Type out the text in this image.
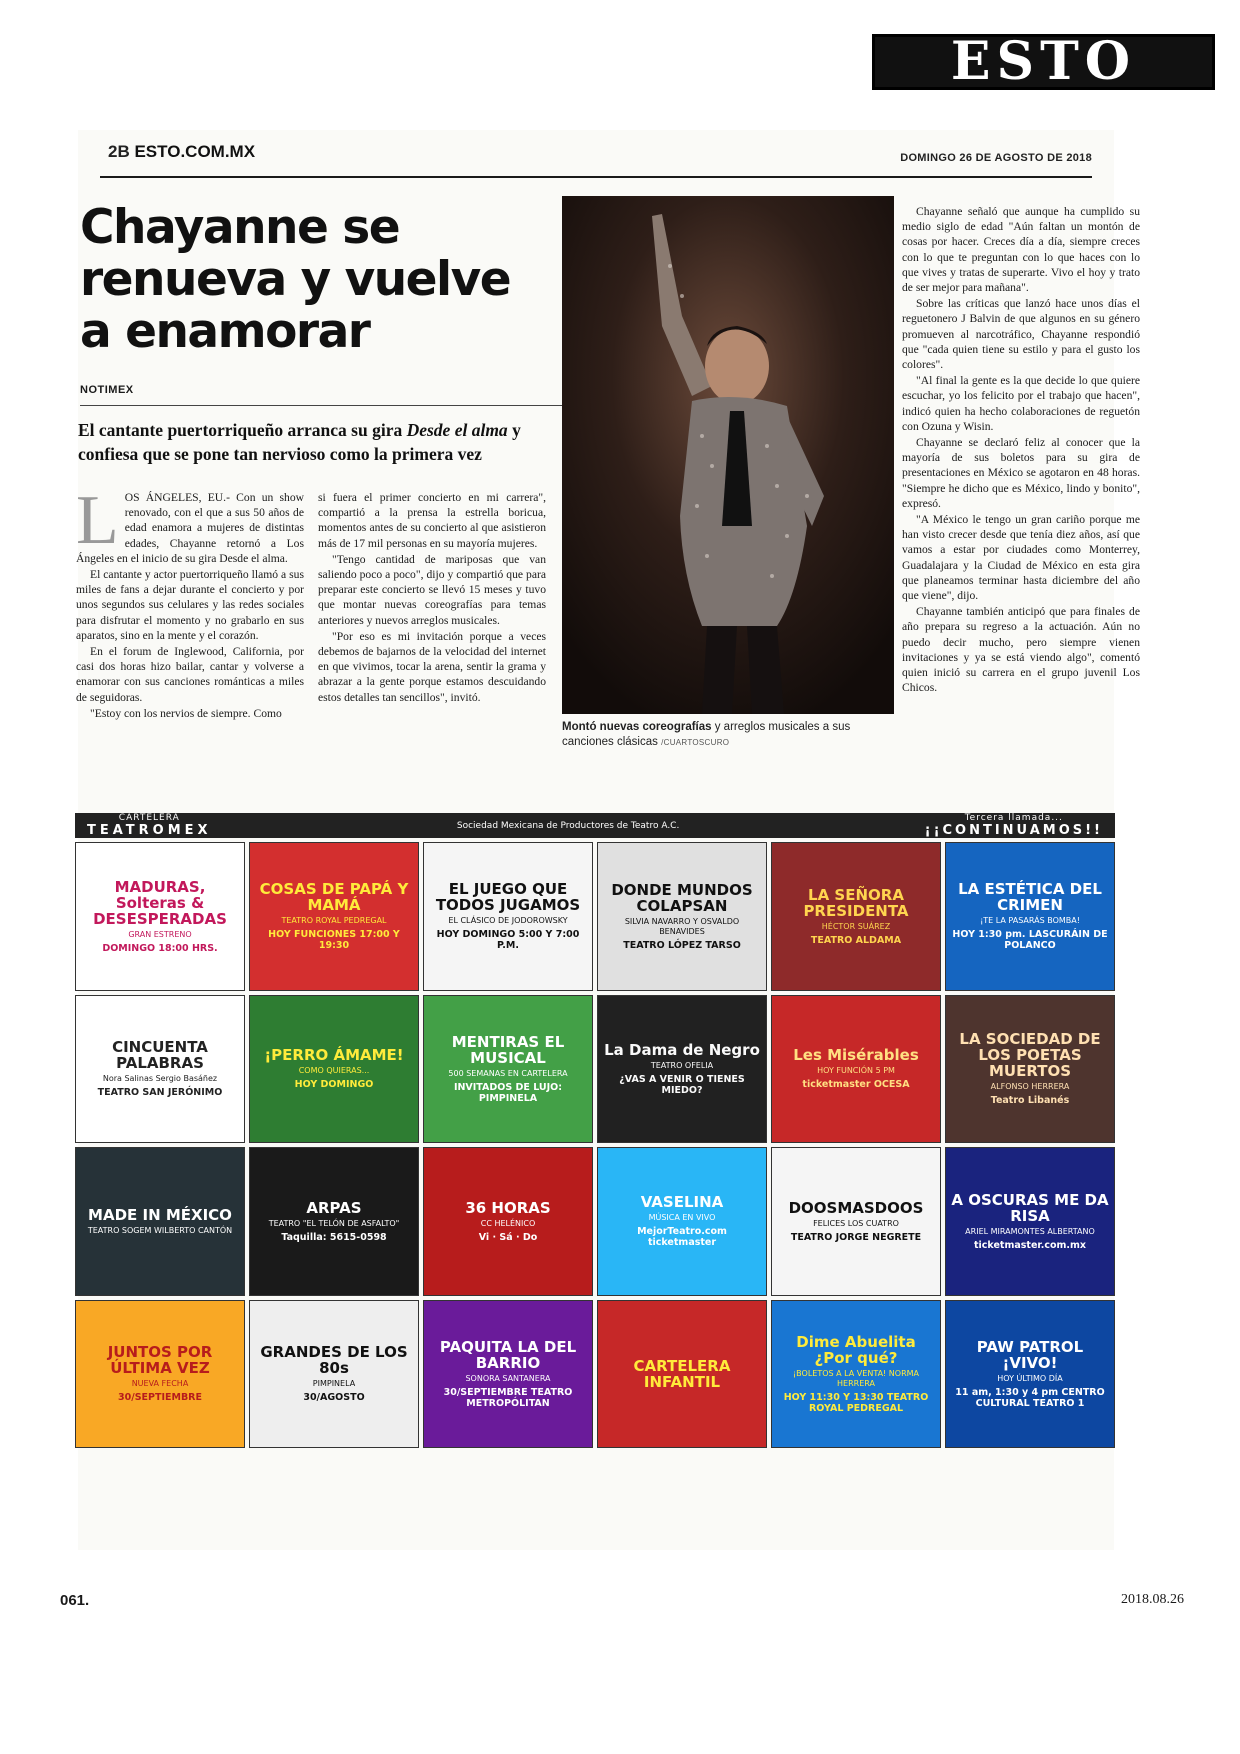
ESTO
2B ESTO.COM.MX	DOMINGO 26 DE AGOSTO DE 2018
Chayanne se renueva y vuelve a enamorar
NOTIMEX
El cantante puertorriqueño arranca su gira Desde el alma y confiesa que se pone tan nervioso como la primera vez
L OS ÁNGELES, EU.- Con un show renovado, con el que a sus 50 años de edad enamora a mujeres de distintas edades, Chayanne retornó a Los Ángeles en el inicio de su gira Desde el alma.

El cantante y actor puertorriqueño llamó a sus miles de fans a dejar durante el concierto y por unos segundos sus celulares y las redes sociales para disfrutar el momento y no grabarlo en sus aparatos, sino en la mente y el corazón.

En el forum de Inglewood, California, por casi dos horas hizo bailar, cantar y volverse a enamorar con sus canciones románticas a miles de seguidoras.

"Estoy con los nervios de siempre. Como

si fuera el primer concierto en mi carrera", compartió a la prensa la estrella boricua, momentos antes de su concierto al que asistieron más de 17 mil personas en su mayoría mujeres.

"Tengo cantidad de mariposas que van saliendo poco a poco", dijo y compartió que para preparar este concierto se llevó 15 meses y tuvo que montar nuevas coreografías para temas anteriores y nuevos arreglos musicales.

"Por eso es mi invitación porque a veces debemos de bajarnos de la velocidad del internet en que vivimos, tocar la arena, sentir la grama y abrazar a la gente porque estamos descuidando estos detalles tan sencillos", invitó.

Montó nuevas coreografías y arreglos musicales a sus canciones clásicas /CUARTOSCURO

Chayanne señaló que aunque ha cumplido su medio siglo de edad "Aún faltan un montón de cosas por hacer. Creces día a día, siempre creces con lo que te preguntan con lo que haces con lo que vives y tratas de superarte. Vivo el hoy y trato de ser mejor para mañana".

Sobre las críticas que lanzó hace unos días el reguetonero J Balvin de que algunos en su género promueven al narcotráfico, Chayanne respondió que "cada quien tiene su estilo y para el gusto los colores".

"Al final la gente es la que decide lo que quiere escuchar, yo los felicito por el trabajo que hacen", indicó quien ha hecho colaboraciones de reguetón con Ozuna y Wisin.

Chayanne se declaró feliz al conocer que la mayoría de sus boletos para su gira de presentaciones en México se agotaron en 48 horas. "Siempre he dicho que es México, lindo y bonito", expresó.

"A México le tengo un gran cariño porque me han visto crecer desde que tenía diez años, así que vamos a estar por ciudades como Monterrey, Guadalajara y la Ciudad de México en esta gira que planeamos terminar hasta diciembre del año que viene", dijo.

Chayanne también anticipó que para finales de año prepara su regreso a la actuación. Aún no puedo decir mucho, pero siempre vienen invitaciones y ya se está viendo algo", comentó quien inició su carrera en el grupo juvenil Los Chicos.

CARTELERA
TEATROMEX	Sociedad Mexicana de Productores de Teatro A.C.
Tercera llamada...
¡¡CONTINUAMOS!!
MADURAS, Solteras & DESESPERADAS
GRAN ESTRENO
DOMINGO 18:00 HRS.
COSAS DE PAPÁ Y MAMÁ
TEATRO ROYAL PEDREGAL
HOY FUNCIONES 17:00 Y 19:30
EL JUEGO QUE TODOS JUGAMOS
EL CLÁSICO DE JODOROWSKY
HOY DOMINGO 5:00 Y 7:00 P.M.
DONDE MUNDOS COLAPSAN
SILVIA NAVARRO Y OSVALDO BENAVIDES
TEATRO LÓPEZ TARSO
LA SEÑORA PRESIDENTA
HÉCTOR SUÁREZ
TEATRO ALDAMA
LA ESTÉTICA DEL CRIMEN
¡TE LA PASARÁS BOMBA!
HOY 1:30 pm. LASCURÁIN DE POLANCO
CINCUENTA PALABRAS
Nora Salinas Sergio Basáñez
TEATRO SAN JERÓNIMO
¡PERRO ÁMAME!
COMO QUIERAS...
HOY DOMINGO
MENTIRAS EL MUSICAL
500 SEMANAS EN CARTELERA
INVITADOS DE LUJO: PIMPINELA
La Dama de Negro
TEATRO OFELIA
¿VAS A VENIR O TIENES MIEDO?
Les Misérables
HOY FUNCIÓN 5 PM
ticketmaster OCESA
LA SOCIEDAD DE LOS POETAS MUERTOS
ALFONSO HERRERA
Teatro Libanés
MADE IN MÉXICO
TEATRO SOGEM WILBERTO CANTÓN
ARPAS
TEATRO "EL TELÓN DE ASFALTO"
Taquilla: 5615-0598
36 HORAS
CC HELÉNICO
Vi · Sá · Do
VASELINA
MÚSICA EN VIVO
MejorTeatro.com ticketmaster
DOOSMASDOOS
FELICES LOS CUATRO
TEATRO JORGE NEGRETE
A OSCURAS ME DA RISA
ARIEL MIRAMONTES ALBERTANO
ticketmaster.com.mx
JUNTOS POR ÚLTIMA VEZ
NUEVA FECHA
30/SEPTIEMBRE
GRANDES DE LOS 80s
PIMPINELA
30/AGOSTO
PAQUITA LA DEL BARRIO
SONORA SANTANERA
30/SEPTIEMBRE TEATRO METROPÓLITAN
CARTELERA INFANTIL
Dime Abuelita ¿Por qué?
¡BOLETOS A LA VENTA! NORMA HERRERA
HOY 11:30 Y 13:30 TEATRO ROYAL PEDREGAL
PAW PATROL ¡VIVO!
HOY ÚLTIMO DÍA
11 am, 1:30 y 4 pm CENTRO CULTURAL TEATRO 1
061.	2018.08.26
